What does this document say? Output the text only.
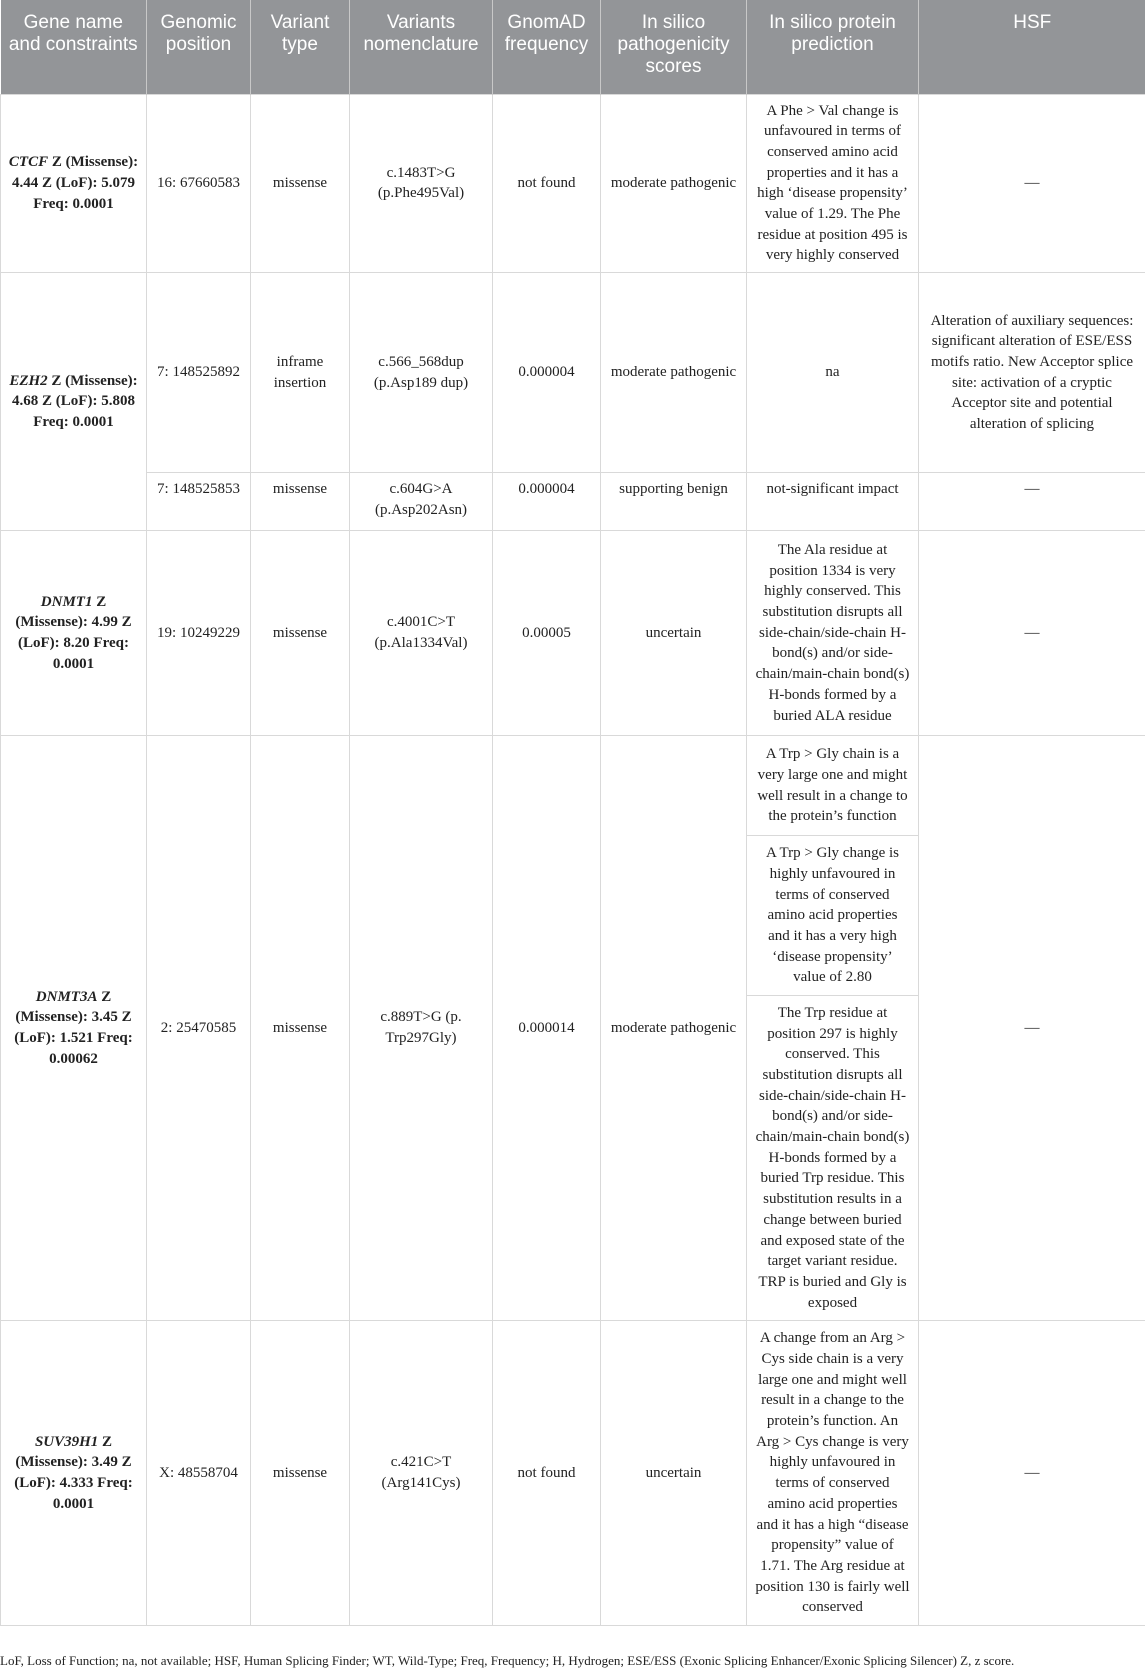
Gene name and constraints	Genomic position	Variant type	Variants nomenclature	GnomAD frequency	In silico pathogenicity scores	In silico protein prediction	HSF
CTCF Z (Missense): 4.44 Z (LoF): 5.079 Freq: 0.0001	16: 67660583	missense	c.1483T>G (p.Phe495Val)	not found	moderate pathogenic	A Phe > Val change is unfavoured in terms of conserved amino acid properties and it has a high ‘disease propensity’ value of 1.29. The Phe residue at position 495 is very highly conserved	—
EZH2 Z (Missense): 4.68 Z (LoF): 5.808 Freq: 0.0001	7: 148525892	inframe insertion	c.566_568dup (p.Asp189 dup)	0.000004	moderate pathogenic	na	Alteration of auxiliary sequences: significant alteration of ESE/ESS motifs ratio. New Acceptor splice site: activation of a cryptic Acceptor site and potential alteration of splicing
	7: 148525853	missense	c.604G>A (p.Asp202Asn)	0.000004	supporting benign	not-significant impact	—
DNMT1 Z (Missense): 4.99 Z (LoF): 8.20 Freq: 0.0001	19: 10249229	missense	c.4001C>T (p.Ala1334Val)	0.00005	uncertain	The Ala residue at position 1334 is very highly conserved. This substitution disrupts all side-chain/side-chain H-bond(s) and/or side-chain/main-chain bond(s) H-bonds formed by a buried ALA residue	—
DNMT3A Z (Missense): 3.45 Z (LoF): 1.521 Freq: 0.00062	2: 25470585	missense	c.889T>G (p. Trp297Gly)	0.000014	moderate pathogenic	A Trp > Gly chain is a very large one and might well result in a change to the protein’s function	—
						A Trp > Gly change is highly unfavoured in terms of conserved amino acid properties and it has a very high ‘disease propensity’ value of 2.80	
						The Trp residue at position 297 is highly conserved. This substitution disrupts all side-chain/side-chain H-bond(s) and/or side-chain/main-chain bond(s) H-bonds formed by a buried Trp residue. This substitution results in a change between buried and exposed state of the target variant residue. TRP is buried and Gly is exposed	
SUV39H1 Z (Missense): 3.49 Z (LoF): 4.333 Freq: 0.0001	X: 48558704	missense	c.421C>T (Arg141Cys)	not found	uncertain	A change from an Arg > Cys side chain is a very large one and might well result in a change to the protein’s function. An Arg > Cys change is very highly unfavoured in terms of conserved amino acid properties and it has a high “disease propensity” value of 1.71. The Arg residue at position 130 is fairly well conserved	—
LoF, Loss of Function; na, not available; HSF, Human Splicing Finder; WT, Wild-Type; Freq, Frequency; H, Hydrogen; ESE/ESS (Exonic Splicing Enhancer/Exonic Splicing Silencer) Z, z score.
